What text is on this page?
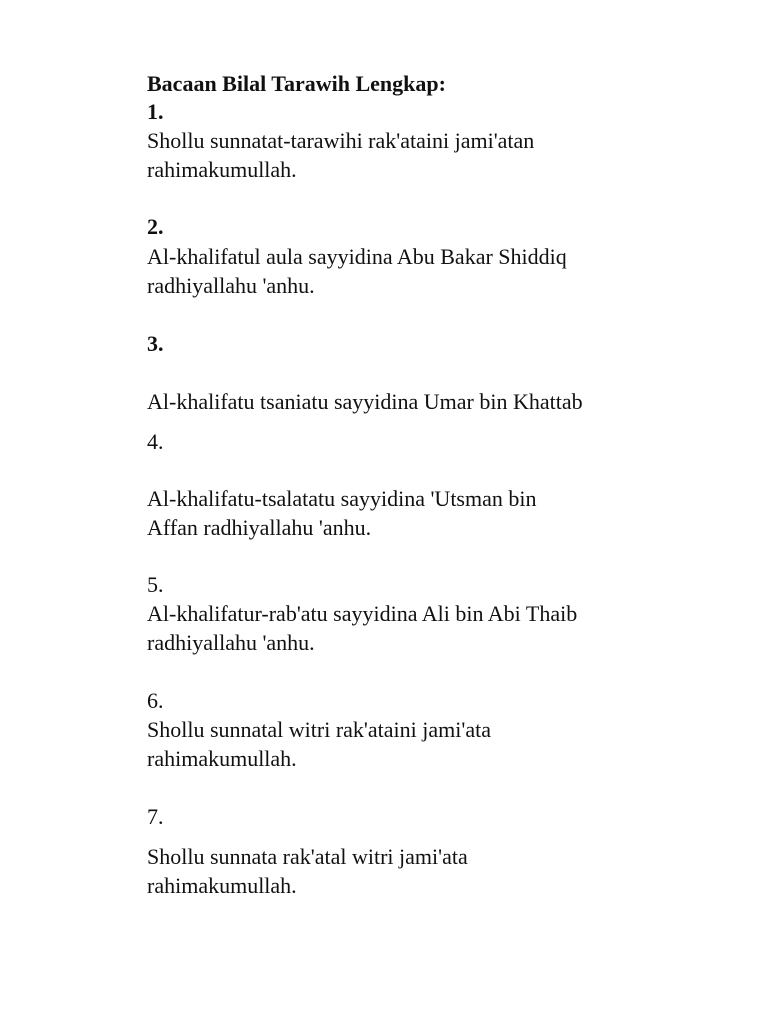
Bacaan Bilal Tarawih Lengkap:
1.
Shollu sunnatat-tarawihi rak'ataini jami'atan
rahimakumullah.
2.
Al-khalifatul aula sayyidina Abu Bakar Shiddiq
radhiyallahu 'anhu.
3.
Al-khalifatu tsaniatu sayyidina Umar bin Khattab
4.
Al-khalifatu-tsalatatu sayyidina 'Utsman bin
Affan radhiyallahu 'anhu.
5.
Al-khalifatur-rab'atu sayyidina Ali bin Abi Thaib
radhiyallahu 'anhu.
6.
Shollu sunnatal witri rak'ataini jami'ata
rahimakumullah.
7.
Shollu sunnata rak'atal witri jami'ata
rahimakumullah.
